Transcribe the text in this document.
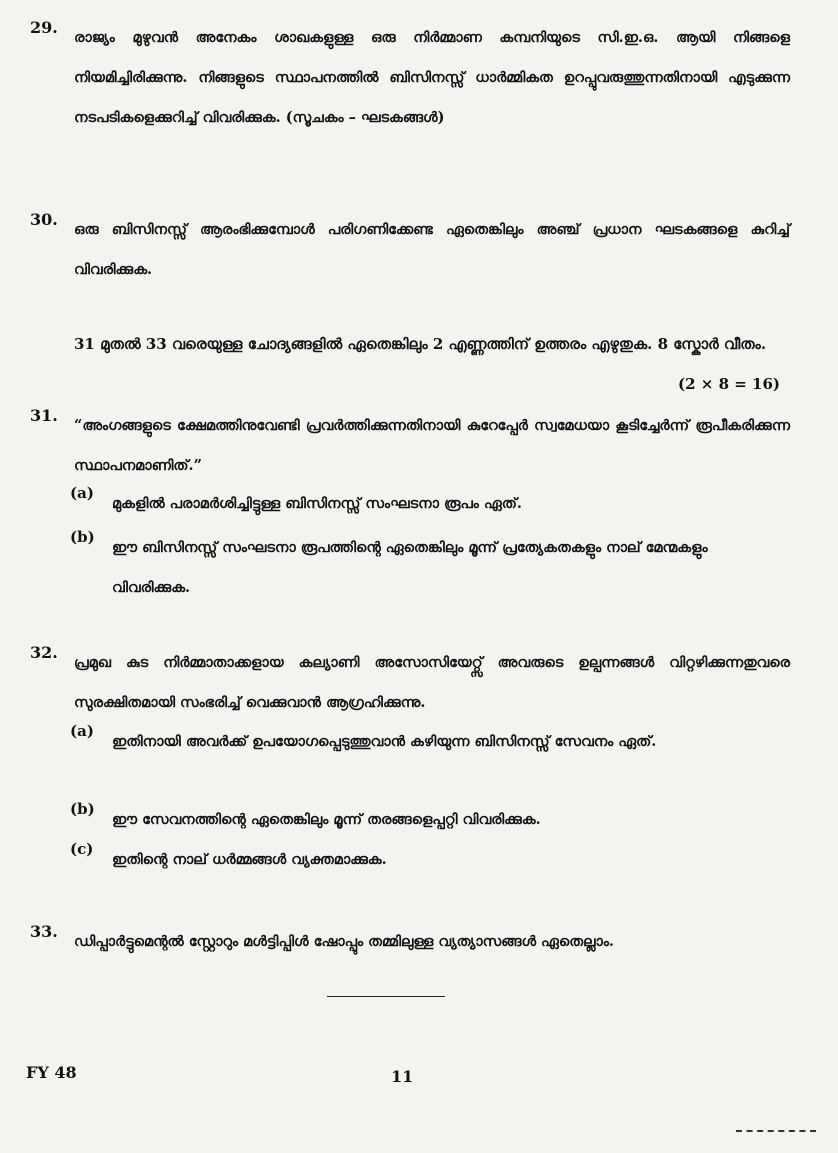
29.
രാജ്യം മുഴുവൻ അനേകം ശാഖകളുള്ള ഒരു നിർമ്മാണ കമ്പനിയുടെ സി.ഇ.ഒ. ആയി നിങ്ങളെ നിയമിച്ചിരിക്കുന്നു. നിങ്ങളുടെ സ്ഥാപനത്തിൽ ബിസിനസ്സ് ധാർമ്മികത ഉറപ്പുവരുത്തുന്നതിനായി എടുക്കുന്ന നടപടികളെക്കുറിച്ച് വിവരിക്കുക. (സൂചകം – ഘടകങ്ങൾ)
30.
ഒരു ബിസിനസ്സ് ആരംഭിക്കുമ്പോൾ പരിഗണിക്കേണ്ട ഏതെങ്കിലും അഞ്ച് പ്രധാന ഘടകങ്ങളെ കുറിച്ച് വിവരിക്കുക.
31 മുതൽ 33 വരെയുള്ള ചോദ്യങ്ങളിൽ ഏതെങ്കിലും 2 എണ്ണത്തിന് ഉത്തരം എഴുതുക. 8 സ്കോർ വീതം.
(2 × 8 = 16)
31.
“അംഗങ്ങളുടെ ക്ഷേമത്തിനുവേണ്ടി പ്രവർത്തിക്കുന്നതിനായി കുറേപ്പേർ സ്വമേധയാ കൂടിച്ചേർന്ന് രൂപീകരിക്കുന്ന സ്ഥാപനമാണിത്.”
(a)
മുകളിൽ പരാമർശിച്ചിട്ടുള്ള ബിസിനസ്സ് സംഘടനാ രൂപം ഏത്.
(b)
ഈ ബിസിനസ്സ് സംഘടനാ രൂപത്തിന്റെ ഏതെങ്കിലും മൂന്ന് പ്രത്യേകതകളും നാല് മേന്മകളും വിവരിക്കുക.
32.
പ്രമുഖ കുട നിർമ്മാതാക്കളായ കല്യാണി അസോസിയേറ്റ്സ് അവരുടെ ഉല്പന്നങ്ങൾ വിറ്റഴിക്കുന്നതുവരെ സുരക്ഷിതമായി സംഭരിച്ച് വെക്കുവാൻ ആഗ്രഹിക്കുന്നു.
(a)
ഇതിനായി അവർക്ക് ഉപയോഗപ്പെടുത്തുവാൻ കഴിയുന്ന ബിസിനസ്സ് സേവനം ഏത്.
(b)
ഈ സേവനത്തിന്റെ ഏതെങ്കിലും മൂന്ന് തരങ്ങളെപ്പറ്റി വിവരിക്കുക.
(c)
ഇതിന്റെ നാല് ധർമ്മങ്ങൾ വ്യക്തമാക്കുക.
33.
ഡിപ്പാർട്ടുമെന്റൽ സ്റ്റോറും മൾട്ടിപ്പിൾ ഷോപ്പും തമ്മിലുള്ള വ്യത്യാസങ്ങൾ ഏതെല്ലാം.
FY 48	11
